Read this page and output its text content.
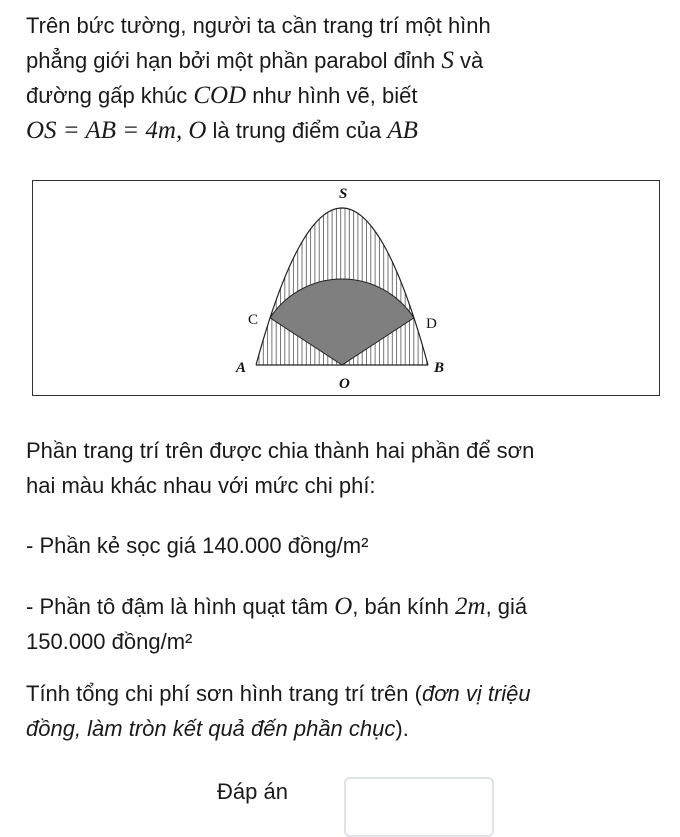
Trên bức tường, người ta cần trang trí một hình
phẳng giới hạn bởi một phần parabol đỉnh S và
đường gấp khúc COD như hình vẽ, biết
OS = AB = 4m, O là trung điểm của AB

S
C	D
A
O
B

Phần trang trí trên được chia thành hai phần để sơn
hai màu khác nhau với mức chi phí:

- Phần kẻ sọc giá 140.000 đồng/m²

- Phần tô đậm là hình quạt tâm O, bán kính 2m, giá
150.000 đồng/m²

Tính tổng chi phí sơn hình trang trí trên (đơn vị triệu
đồng, làm tròn kết quả đến phần chục).

Đáp án
